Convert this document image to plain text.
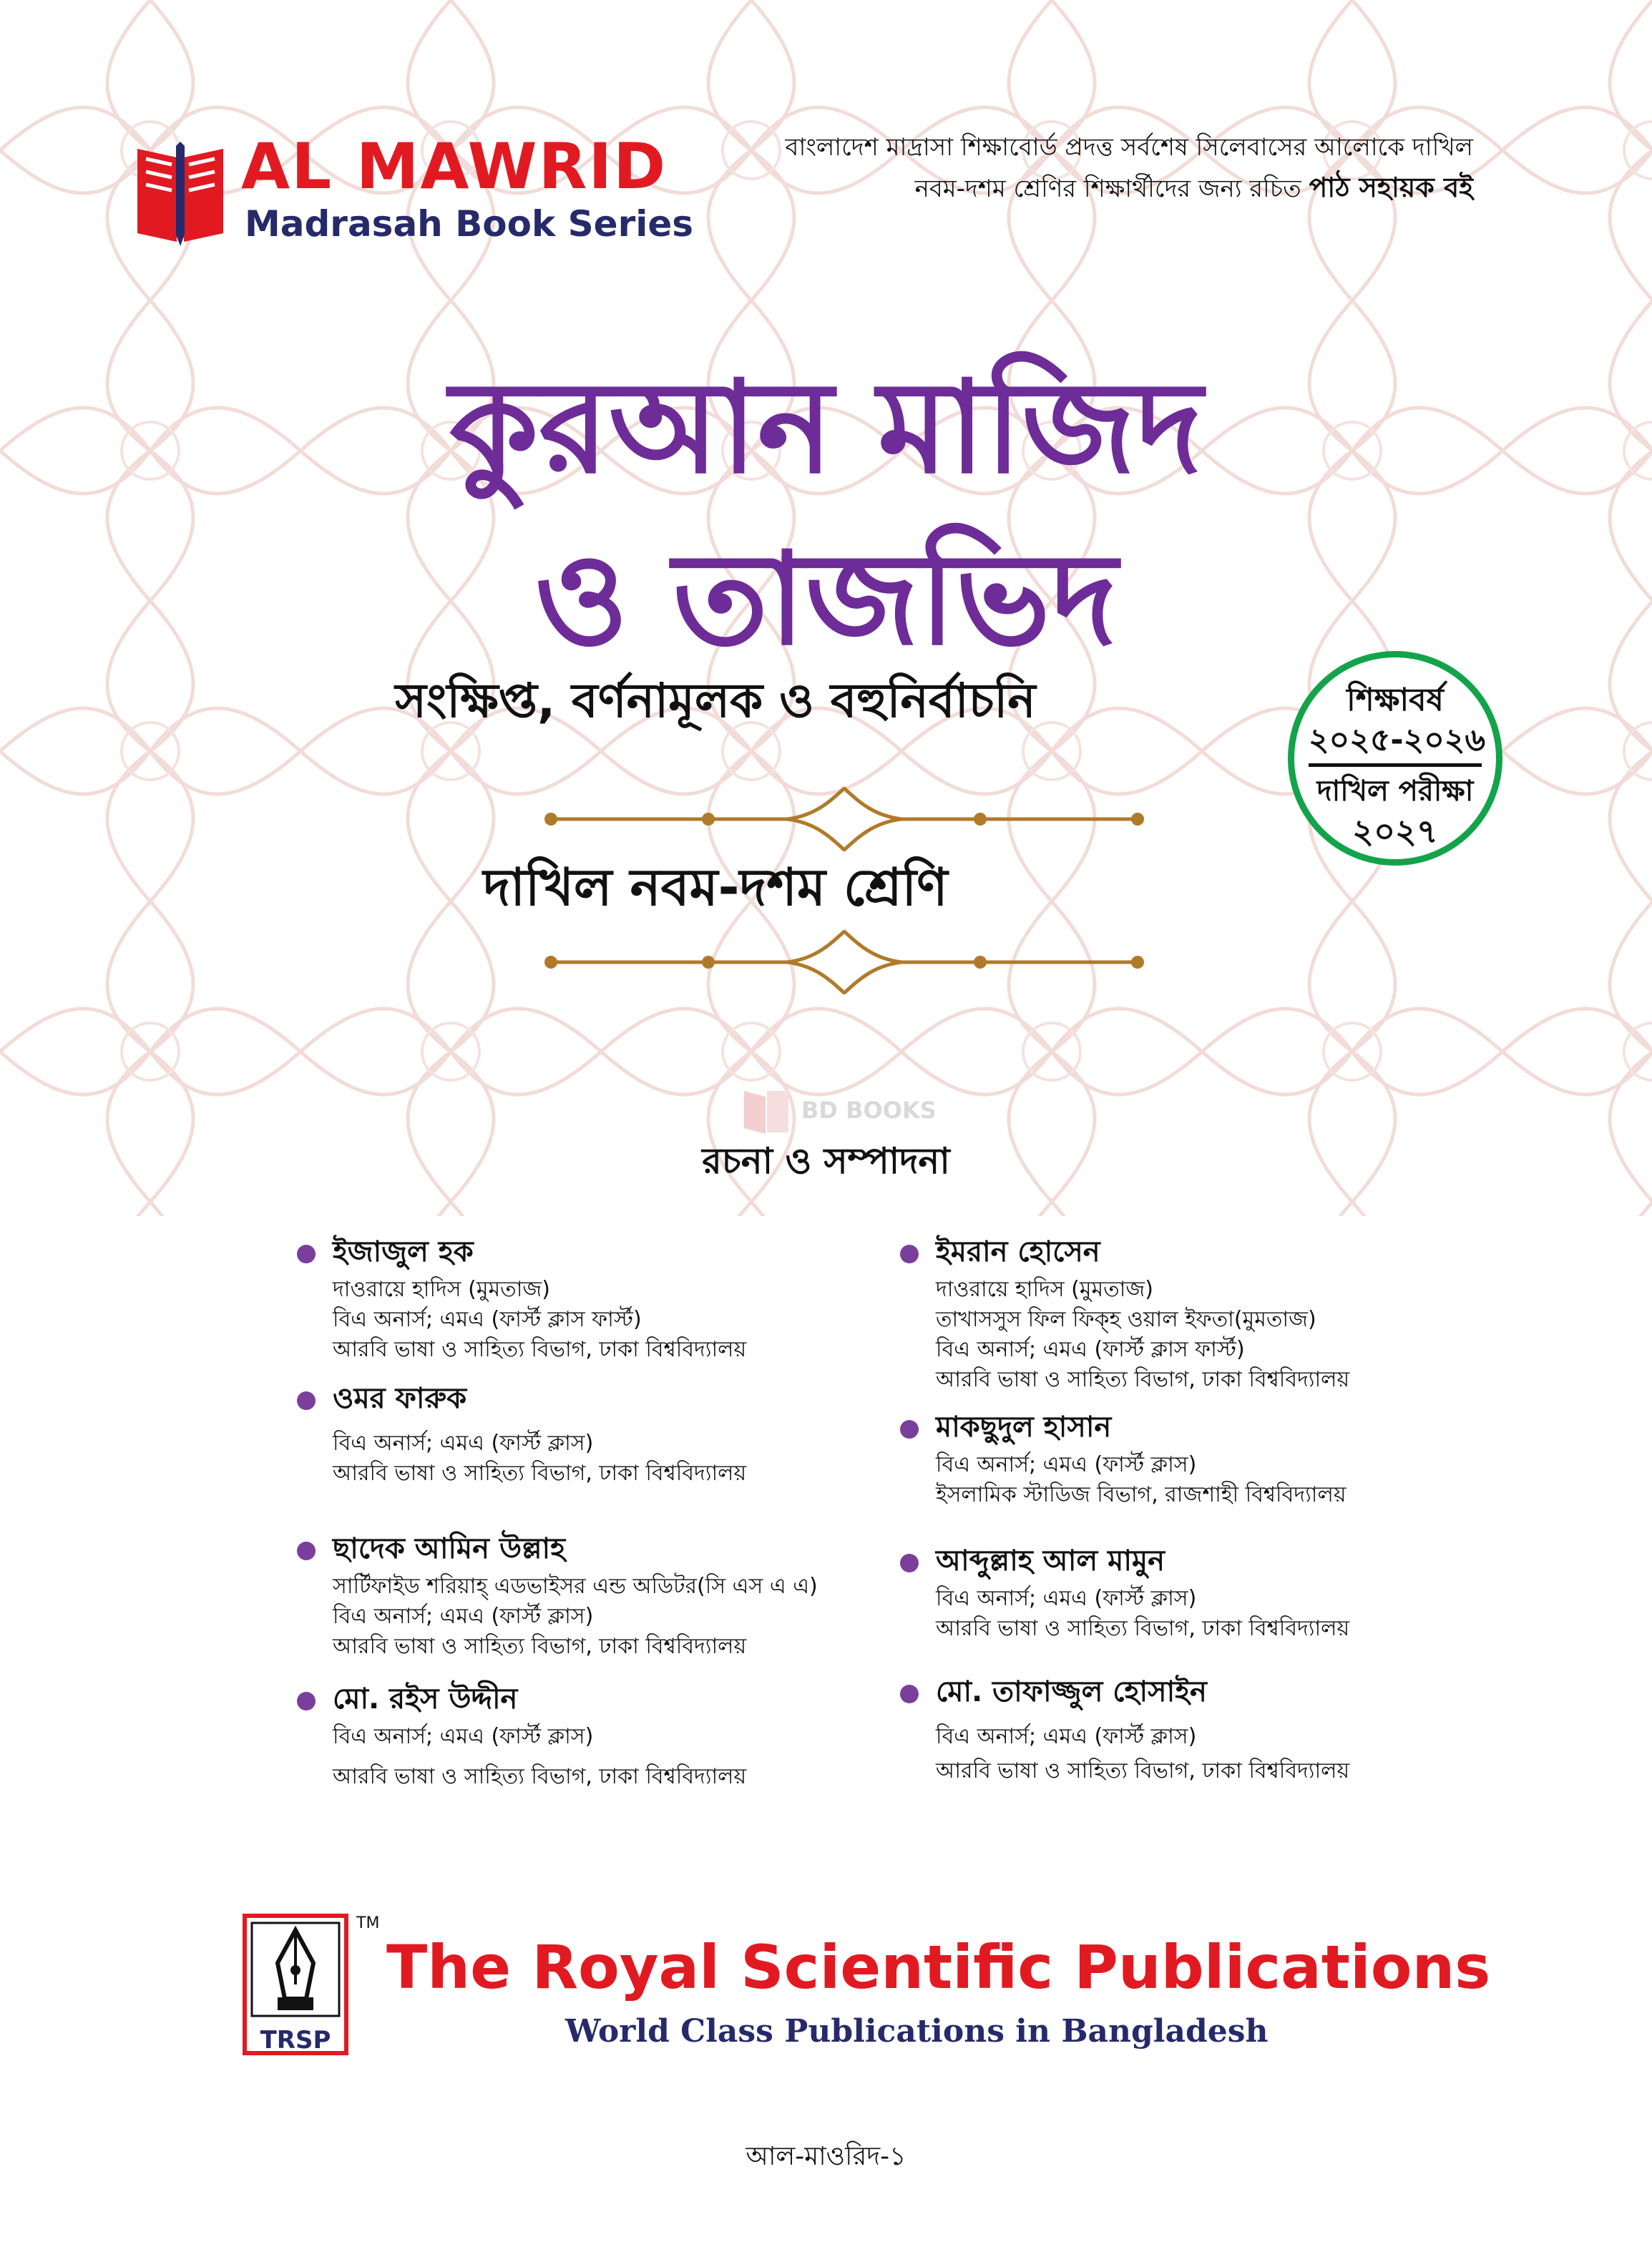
AL MAWRID
Madrasah Book Series
বাংলাদেশ মাদ্রাসা শিক্ষাবোর্ড প্রদত্ত সর্বশেষ সিলেবাসের আলোকে দাখিল
নবম-দশম শ্রেণির শিক্ষার্থীদের জন্য রচিত পাঠ সহায়ক বই
কুরআন মাজিদ
ও তাজভিদ
সংক্ষিপ্ত, বর্ণনামূলক ও বহুনির্বাচনি	শিক্ষাবর্ষ
২০২৫-২০২৬
দাখিল পরীক্ষা
২০২৭
দাখিল নবম-দশম শ্রেণি
BD BOOKS
রচনা ও সম্পাদনা
ইজাজুল হক
দাওরায়ে হাদিস (মুমতাজ)
বিএ অনার্স; এমএ (ফার্স্ট ক্লাস ফার্স্ট)
আরবি ভাষা ও সাহিত্য বিভাগ, ঢাকা বিশ্ববিদ্যালয়
ওমর ফারুক
বিএ অনার্স; এমএ (ফার্স্ট ক্লাস)
আরবি ভাষা ও সাহিত্য বিভাগ, ঢাকা বিশ্ববিদ্যালয়
ছাদেক আমিন উল্লাহ
সার্টিফাইড শরিয়াহ্ এডভাইসর এন্ড অডিটর(সি এস এ এ)
বিএ অনার্স; এমএ (ফার্স্ট ক্লাস)
আরবি ভাষা ও সাহিত্য বিভাগ, ঢাকা বিশ্ববিদ্যালয়
মো. রইস উদ্দীন
বিএ অনার্স; এমএ (ফার্স্ট ক্লাস)
আরবি ভাষা ও সাহিত্য বিভাগ, ঢাকা বিশ্ববিদ্যালয়
ইমরান হোসেন
দাওরায়ে হাদিস (মুমতাজ)
তাখাসসুস ফিল ফিক্হ ওয়াল ইফতা(মুমতাজ)
বিএ অনার্স; এমএ (ফার্স্ট ক্লাস ফার্স্ট)
আরবি ভাষা ও সাহিত্য বিভাগ, ঢাকা বিশ্ববিদ্যালয়
মাকছুদুল হাসান
বিএ অনার্স; এমএ (ফার্স্ট ক্লাস)
ইসলামিক স্টাডিজ বিভাগ, রাজশাহী বিশ্ববিদ্যালয়
আব্দুল্লাহ আল মামুন
বিএ অনার্স; এমএ (ফার্স্ট ক্লাস)
আরবি ভাষা ও সাহিত্য বিভাগ, ঢাকা বিশ্ববিদ্যালয়
মো. তাফাজ্জুল হোসাইন
বিএ অনার্স; এমএ (ফার্স্ট ক্লাস)
আরবি ভাষা ও সাহিত্য বিভাগ, ঢাকা বিশ্ববিদ্যালয়
TRSP
TM
The Royal Scientific Publications
World Class Publications in Bangladesh
আল-মাওরিদ-১
